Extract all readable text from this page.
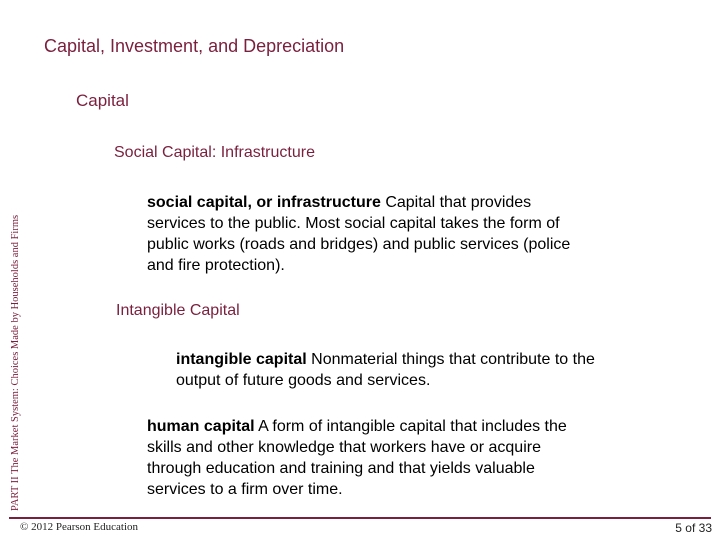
Capital, Investment, and Depreciation
Capital
Social Capital: Infrastructure
social capital, or infrastructure Capital that provides services to the public. Most social capital takes the form of public works (roads and bridges) and public services (police and fire protection).
Intangible Capital
intangible capital Nonmaterial things that contribute to the output of future goods and services.
human capital A form of intangible capital that includes the skills and other knowledge that workers have or acquire through education and training and that yields valuable services to a firm over time.
PART II The Market System: Choices Made by Households and Firms
© 2012 Pearson Education	5 of 33
